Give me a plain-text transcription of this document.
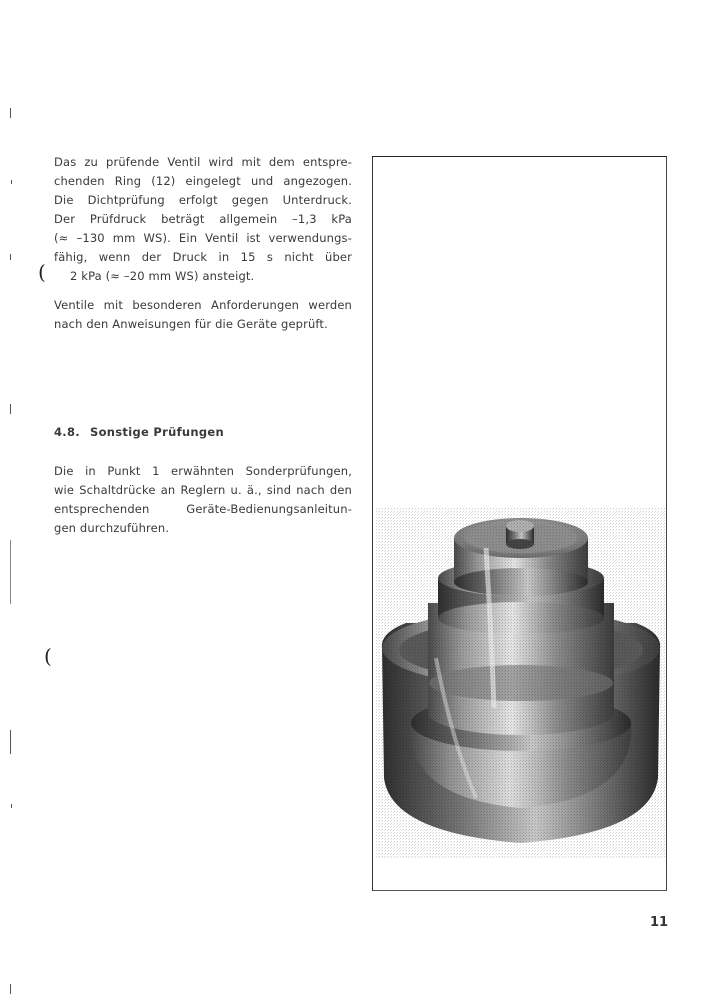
Das zu prüfende Ventil wird mit dem entspre-
chenden Ring (12) eingelegt und angezogen.
Die Dichtprüfung erfolgt gegen Unterdruck.
Der Prüfdruck beträgt allgemein –1,3 kPa
(≈ –130 mm WS). Ein Ventil ist verwendungs-
fähig, wenn der Druck in 15 s nicht über
2 kPa (≈ –20 mm WS) ansteigt.
Ventile mit besonderen Anforderungen werden
nach den Anweisungen für die Geräte geprüft.
4.8. Sonstige Prüfungen
Die in Punkt 1 erwähnten Sonderprüfungen,
wie Schaltdrücke an Reglern u. ä., sind nach den
entsprechenden Geräte-Bedienungsanleitun-
gen durchzuführen.
11
(
(
